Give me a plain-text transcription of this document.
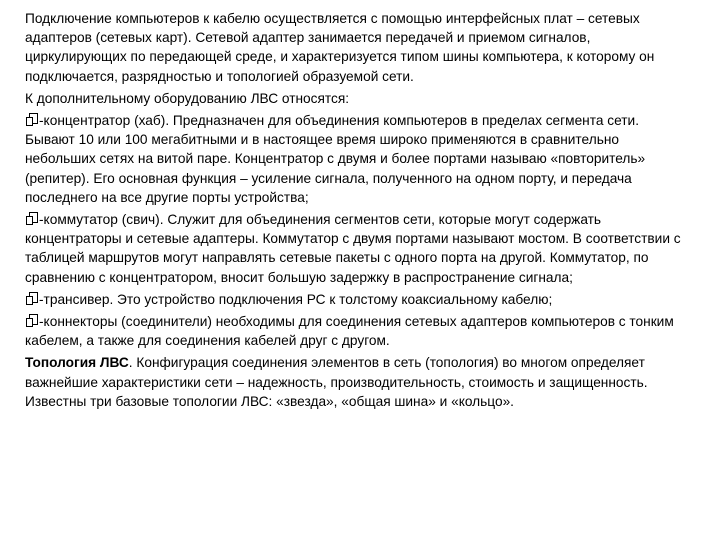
Подключение компьютеров к кабелю осуществляется с помощью интерфейсных плат – сетевых адаптеров (сетевых карт). Сетевой адаптер занимается передачей и приемом сигналов, циркулирующих по передающей среде, и характеризуется типом шины компьютера, к которому он подключается, разрядностью и топологией образуемой сети.

К дополнительному оборудованию ЛВС относятся:

-концентратор (хаб). Предназначен для объединения компьютеров в пределах сегмента сети. Бывают 10 или 100 мегабитными и в настоящее время широко применяются в сравнительно небольших сетях на витой паре. Концентратор с двумя и более портами называю «повторитель» (репитер). Его основная функция – усиление сигнала, полученного на одном порту, и передача последнего на все другие порты устройства;
-коммутатор (свич). Служит для объединения сегментов сети, которые могут содержать концентраторы и сетевые адаптеры. Коммутатор с двумя портами называют мостом. В соответствии с таблицей маршрутов могут направлять сетевые пакеты с одного порта на другой. Коммутатор, по сравнению с концентратором, вносит большую задержку в распространение сигнала;
-трансивер. Это устройство подключения РС к толстому коаксиальному кабелю;
-коннекторы (соединители) необходимы для соединения сетевых адаптеров компьютеров с тонким кабелем, а также для соединения кабелей друг с другом.

Топология ЛВС. Конфигурация соединения элементов в сеть (топология) во многом определяет важнейшие характеристики сети – надежность, производительность, стоимость и защищенность. Известны три базовые топологии ЛВС: «звезда», «общая шина» и «кольцо».
